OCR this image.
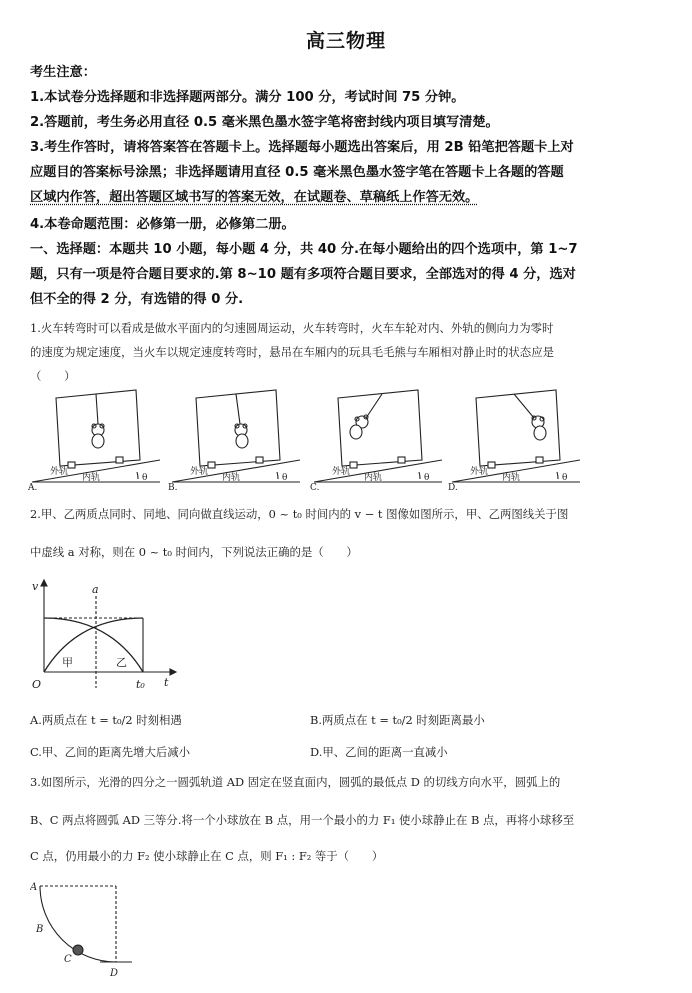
高三物理
考生注意：
1.本试卷分选择题和非选择题两部分。满分 100 分，考试时间 75 分钟。
2.答题前，考生务必用直径 0.5 毫米黑色墨水签字笔将密封线内项目填写清楚。
3.考生作答时，请将答案答在答题卡上。选择题每小题选出答案后，用 2B 铅笔把答题卡上对
应题目的答案标号涂黑；非选择题请用直径 0.5 毫米黑色墨水签字笔在答题卡上各题的答题
区域内作答，超出答题区域书写的答案无效，在试题卷、草稿纸上作答无效。
4.本卷命题范围：必修第一册，必修第二册。
一、选择题：本题共 10 小题，每小题 4 分，共 40 分.在每小题给出的四个选项中，第 1~7
题，只有一项是符合题目要求的.第 8~10 题有多项符合题目要求，全部选对的得 4 分，选对
但不全的得 2 分，有选错的得 0 分.
1.火车转弯时可以看成是做水平面内的匀速圆周运动，火车转弯时，火车车轮对内、外轨的侧向力为零时
的速度为规定速度，当火车以规定速度转弯时，悬吊在车厢内的玩具毛毛熊与车厢相对静止时的状态应是
（　　）
A.
外轨
内轨	θ
B.
外轨
内轨	θ
C.
外轨
内轨	θ
D.
外轨
内轨	θ
2.甲、乙两质点同时、同地、同向做直线运动，0 ~ t₀ 时间内的 v − t 图像如图所示，甲、乙两图线关于图
中虚线 a 对称，则在 0 ~ t₀ 时间内，下列说法正确的是（　　）
v	a
甲	乙
O	t₀ t
A.两质点在 t = t₀/2 时刻相遇	B.两质点在 t = t₀/2 时刻距离最小
C.甲、乙间的距离先增大后减小	D.甲、乙间的距离一直减小
3.如图所示，光滑的四分之一圆弧轨道 AD 固定在竖直面内，圆弧的最低点 D 的切线方向水平，圆弧上的
B、C 两点将圆弧 AD 三等分.将一个小球放在 B 点，用一个最小的力 F₁ 使小球静止在 B 点，再将小球移至
C 点，仍用最小的力 F₂ 使小球静止在 C 点，则 F₁ : F₂ 等于（　　）
A
B
C
D
